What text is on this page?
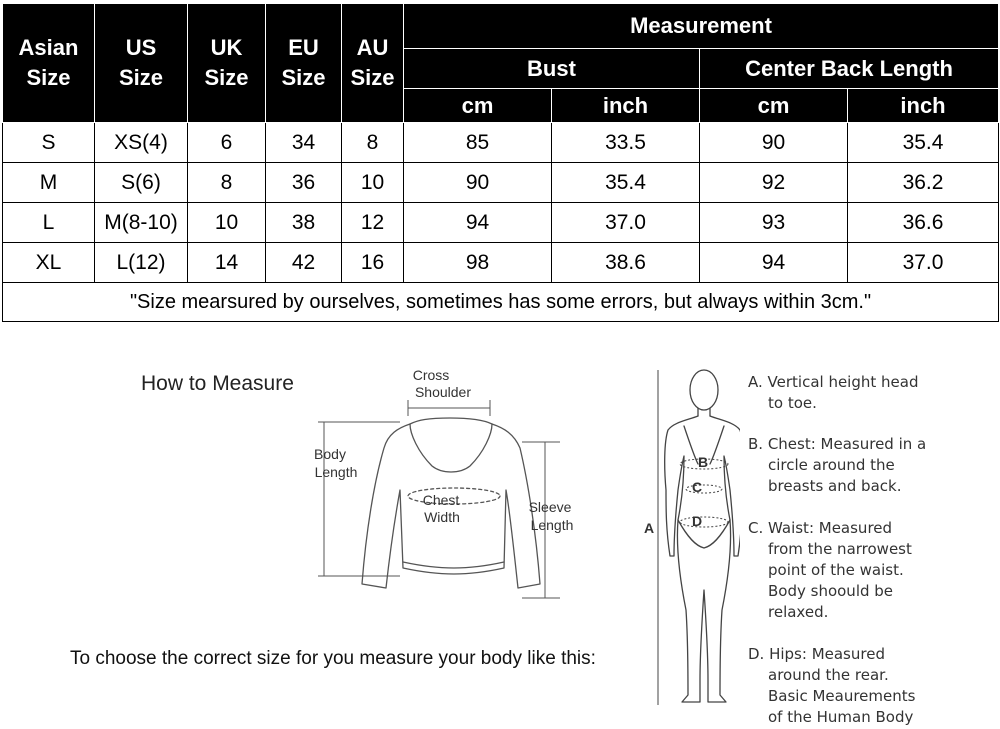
Asian
Size	US
Size	UK
Size	EU
Size	AU
Size	Measurement			
					Bust		Center Back Length	
					cm	inch	cm	inch
S	XS(4)	6	34	8	85	33.5	90	35.4
M	S(6)	8	36	10	90	35.4	92	36.2
L	M(8-10)	10	38	12	94	37.0	93	36.6
XL	L(12)	14	42	16	98	38.6	94	37.0
"Size mearsured by ourselves, sometimes has some errors, but always within 3cm."								
How to Measure	Cross
Shoulder
Body
Length
Chest
Width
Sleeve
Length
B
C
D
A
A. Vertical height head
to toe.
B. Chest: Measured in a
circle around the
breasts and back.
C. Waist: Measured
from the narrowest
point of the waist.
Body shoould be
relaxed.
D. Hips: Measured
around the rear.
Basic Meaurements
of the Human Body
To choose the correct size for you measure your body like this:
